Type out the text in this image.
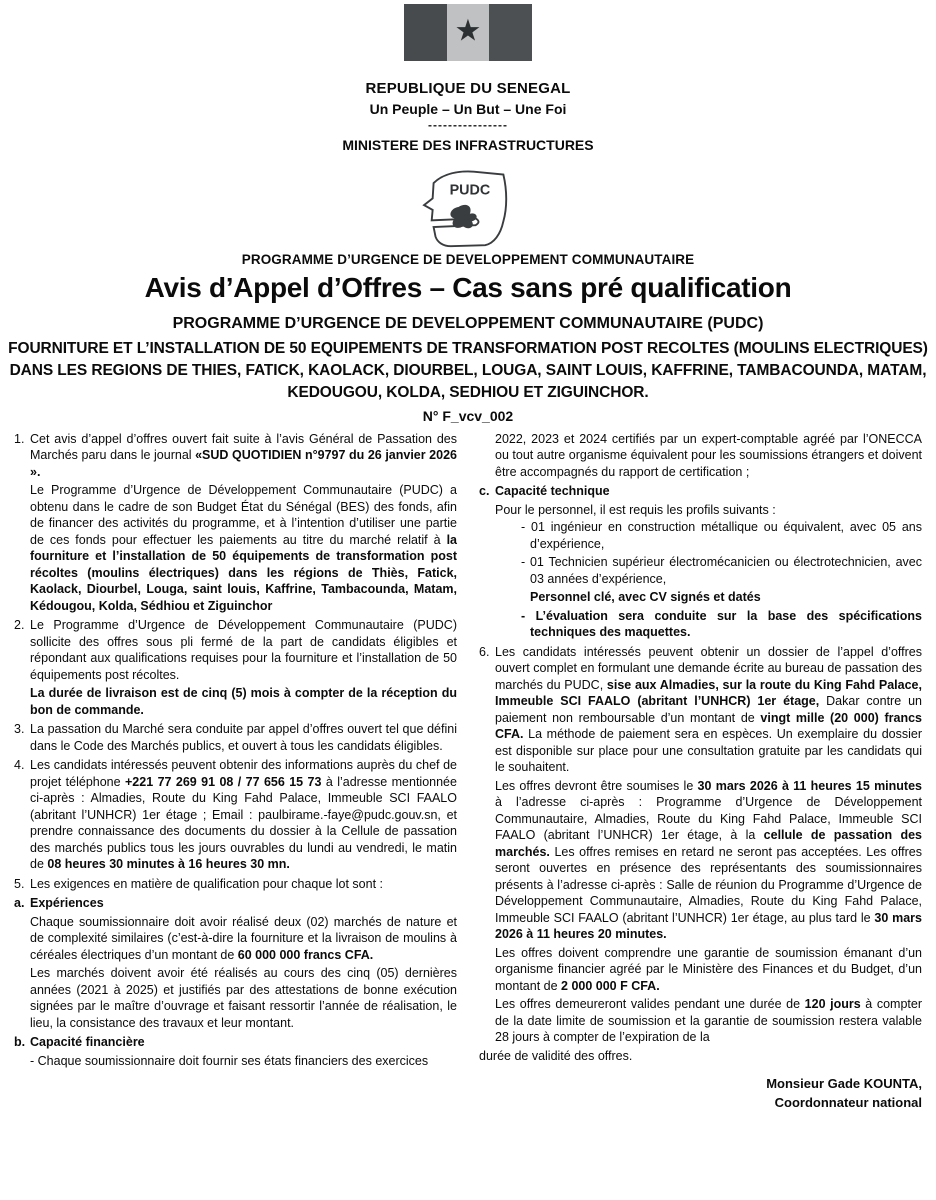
★
REPUBLIQUE DU SENEGAL
Un Peuple – Un But – Une Foi
----------------
MINISTERE DES INFRASTRUCTURES
PUDC
PROGRAMME D’URGENCE DE DEVELOPPEMENT COMMUNAUTAIRE
Avis d’Appel d’Offres – Cas sans pré qualification
PROGRAMME D’URGENCE DE DEVELOPPEMENT COMMUNAUTAIRE (PUDC)
FOURNITURE ET L’INSTALLATION DE 50 EQUIPEMENTS DE TRANSFORMATION POST RECOLTES (MOULINS ELECTRIQUES) DANS LES REGIONS DE THIES, FATICK, KAOLACK, DIOURBEL, LOUGA, SAINT LOUIS, KAFFRINE, TAMBACOUNDA, MATAM, KEDOUGOU, KOLDA, SEDHIOU ET ZIGUINCHOR.
N° F_vcv_002
1. Cet avis d’appel d’offres ouvert fait suite à l’avis Général de Passation des Marchés paru dans le journal «SUD QUOTIDIEN n°9797 du 26 janvier 2026 ».

Le Programme d’Urgence de Développement Communautaire (PUDC) a obtenu dans le cadre de son Budget État du Sénégal (BES) des fonds, afin de financer des activités du programme, et à l’intention d’utiliser une partie de ces fonds pour effectuer les paiements au titre du marché relatif à la fourniture et l’installation de 50 équipements de transformation post récoltes (moulins électriques) dans les régions de Thiès, Fatick, Kaolack, Diourbel, Louga, saint louis, Kaffrine, Tambacounda, Matam, Kédougou, Kolda, Sédhiou et Ziguinchor

2. Le Programme d’Urgence de Développement Communautaire (PUDC) sollicite des offres sous pli fermé de la part de candidats éligibles et répondant aux qualifications requises pour la fourniture et l’installation de 50 équipements post récoltes.

La durée de livraison est de cinq (5) mois à compter de la réception du bon de commande.

3. La passation du Marché sera conduite par appel d’offres ouvert tel que défini dans le Code des Marchés publics, et ouvert à tous les candidats éligibles.

4. Les candidats intéressés peuvent obtenir des informations auprès du chef de projet téléphone +221 77 269 91 08 / 77 656 15 73 à l’adresse mentionnée ci-après : Almadies, Route du King Fahd Palace, Immeuble SCI FAALO (abritant l’UNHCR) 1er étage ; Email : paulbirame.-faye@pudc.gouv.sn, et prendre connaissance des documents du dossier à la Cellule de passation des marchés publics tous les jours ouvrables du lundi au vendredi, le matin de 08 heures 30 minutes à 16 heures 30 mn.

5. Les exigences en matière de qualification pour chaque lot sont :

a. Expériences

Chaque soumissionnaire doit avoir réalisé deux (02) marchés de nature et de complexité similaires (c’est-à-dire la fourniture et la livraison de moulins à céréales électriques d’un montant de 60 000 000 francs CFA.

Les marchés doivent avoir été réalisés au cours des cinq (05) dernières années (2021 à 2025) et justifiés par des attestations de bonne exécution signées par le maître d’ouvrage et faisant ressortir l’année de réalisation, le lieu, la consistance des travaux et leur montant.

b. Capacité financière

- Chaque soumissionnaire doit fournir ses états financiers des exercices

2022, 2023 et 2024 certifiés par un expert-comptable agréé par l’ONECCA ou tout autre organisme équivalent pour les soumissions étrangers et doivent être accompagnés du rapport de certification ;

c. Capacité technique

Pour le personnel, il est requis les profils suivants :

- 01 ingénieur en construction métallique ou équivalent, avec 05 ans d’expérience,

- 01 Technicien supérieur électromécanicien ou électrotechnicien, avec 03 années d’expérience,

Personnel clé, avec CV signés et datés

- L’évaluation sera conduite sur la base des spécifications techniques des maquettes.

6. Les candidats intéressés peuvent obtenir un dossier de l’appel d’offres ouvert complet en formulant une demande écrite au bureau de passation des marchés du PUDC, sise aux Almadies, sur la route du King Fahd Palace, Immeuble SCI FAALO (abritant l’UNHCR) 1er étage, Dakar contre un paiement non remboursable d’un montant de vingt mille (20 000) francs CFA. La méthode de paiement sera en espèces. Un exemplaire du dossier est disponible sur place pour une consultation gratuite par les candidats qui le souhaitent.

Les offres devront être soumises le 30 mars 2026 à 11 heures 15 minutes à l’adresse ci-après : Programme d’Urgence de Développement Communautaire, Almadies, Route du King Fahd Palace, Immeuble SCI FAALO (abritant l’UNHCR) 1er étage, à la cellule de passation des marchés. Les offres remises en retard ne seront pas acceptées. Les offres seront ouvertes en présence des représentants des soumissionnaires présents à l’adresse ci-après : Salle de réunion du Programme d’Urgence de Développement Communautaire, Almadies, Route du King Fahd Palace, Immeuble SCI FAALO (abritant l’UNHCR) 1er étage, au plus tard le 30 mars 2026 à 11 heures 20 minutes.

Les offres doivent comprendre une garantie de soumission émanant d’un organisme financier agréé par le Ministère des Finances et du Budget, d’un montant de 2 000 000 F CFA.

Les offres demeureront valides pendant une durée de 120 jours à compter de la date limite de soumission et la garantie de soumission restera valable 28 jours à compter de l’expiration de la

durée de validité des offres.

Monsieur Gade KOUNTA,
Coordonnateur national
